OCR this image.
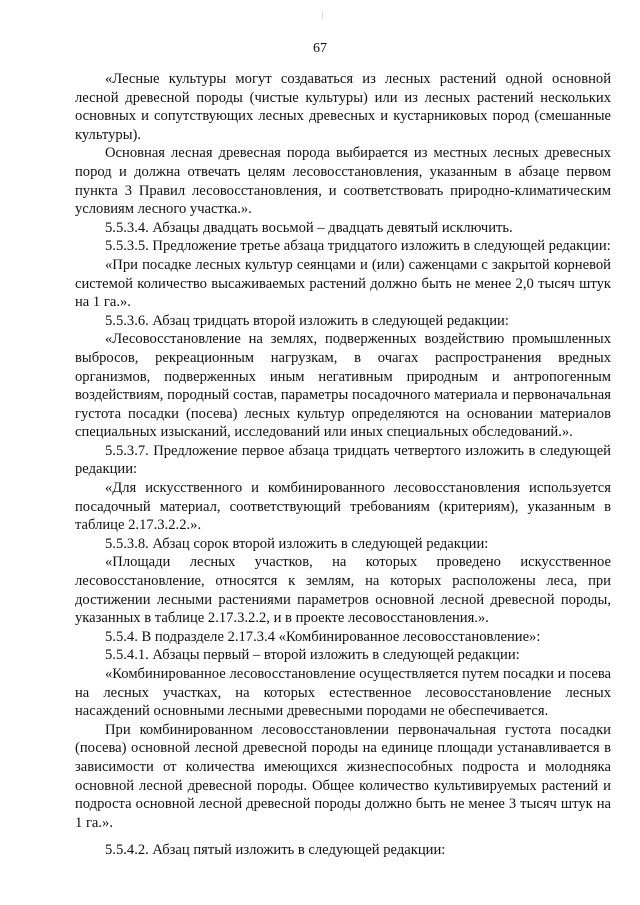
67

«Лесные культуры могут создаваться из лесных растений одной основной лесной древесной породы (чистые культуры) или из лесных растений нескольких основных и сопутствующих лесных древесных и кустарниковых пород (смешанные культуры).

Основная лесная древесная порода выбирается из местных лесных древесных пород и должна отвечать целям лесовосстановления, указанным в абзаце первом пункта 3 Правил лесовосстановления, и соответствовать природно-климатическим условиям лесного участка.».

5.5.3.4. Абзацы двадцать восьмой – двадцать девятый исключить.

5.5.3.5. Предложение третье абзаца тридцатого изложить в следующей редакции:

«При посадке лесных культур сеянцами и (или) саженцами с закрытой корневой системой количество высаживаемых растений должно быть не менее 2,0 тысяч штук на 1 га.».

5.5.3.6. Абзац тридцать второй изложить в следующей редакции:

«Лесовосстановление на землях, подверженных воздействию промышленных выбросов, рекреационным нагрузкам, в очагах распространения вредных организмов, подверженных иным негативным природным и антропогенным воздействиям, породный состав, параметры посадочного материала и первоначальная густота посадки (посева) лесных культур определяются на основании материалов специальных изысканий, исследований или иных специальных обследований.».

5.5.3.7. Предложение первое абзаца тридцать четвертого изложить в следующей редакции:

«Для искусственного и комбинированного лесовосстановления используется посадочный материал, соответствующий требованиям (критериям), указанным в таблице 2.17.3.2.2.».

5.5.3.8. Абзац сорок второй изложить в следующей редакции:

«Площади лесных участков, на которых проведено искусственное лесовосстановление, относятся к землям, на которых расположены леса, при достижении лесными растениями параметров основной лесной древесной породы, указанных в таблице 2.17.3.2.2, и в проекте лесовосстановления.».

5.5.4. В подразделе 2.17.3.4 «Комбинированное лесовосстановление»:

5.5.4.1. Абзацы первый – второй изложить в следующей редакции:

«Комбинированное лесовосстановление осуществляется путем посадки и посева на лесных участках, на которых естественное лесовосстановление лесных насаждений основными лесными древесными породами не обеспечивается.

При комбинированном лесовосстановлении первоначальная густота посадки (посева) основной лесной древесной породы на единице площади устанавливается в зависимости от количества имеющихся жизнеспособных подроста и молодняка основной лесной древесной породы. Общее количество культивируемых растений и подроста основной лесной древесной породы должно быть не менее 3 тысяч штук на 1 га.».

5.5.4.2. Абзац пятый изложить в следующей редакции:
